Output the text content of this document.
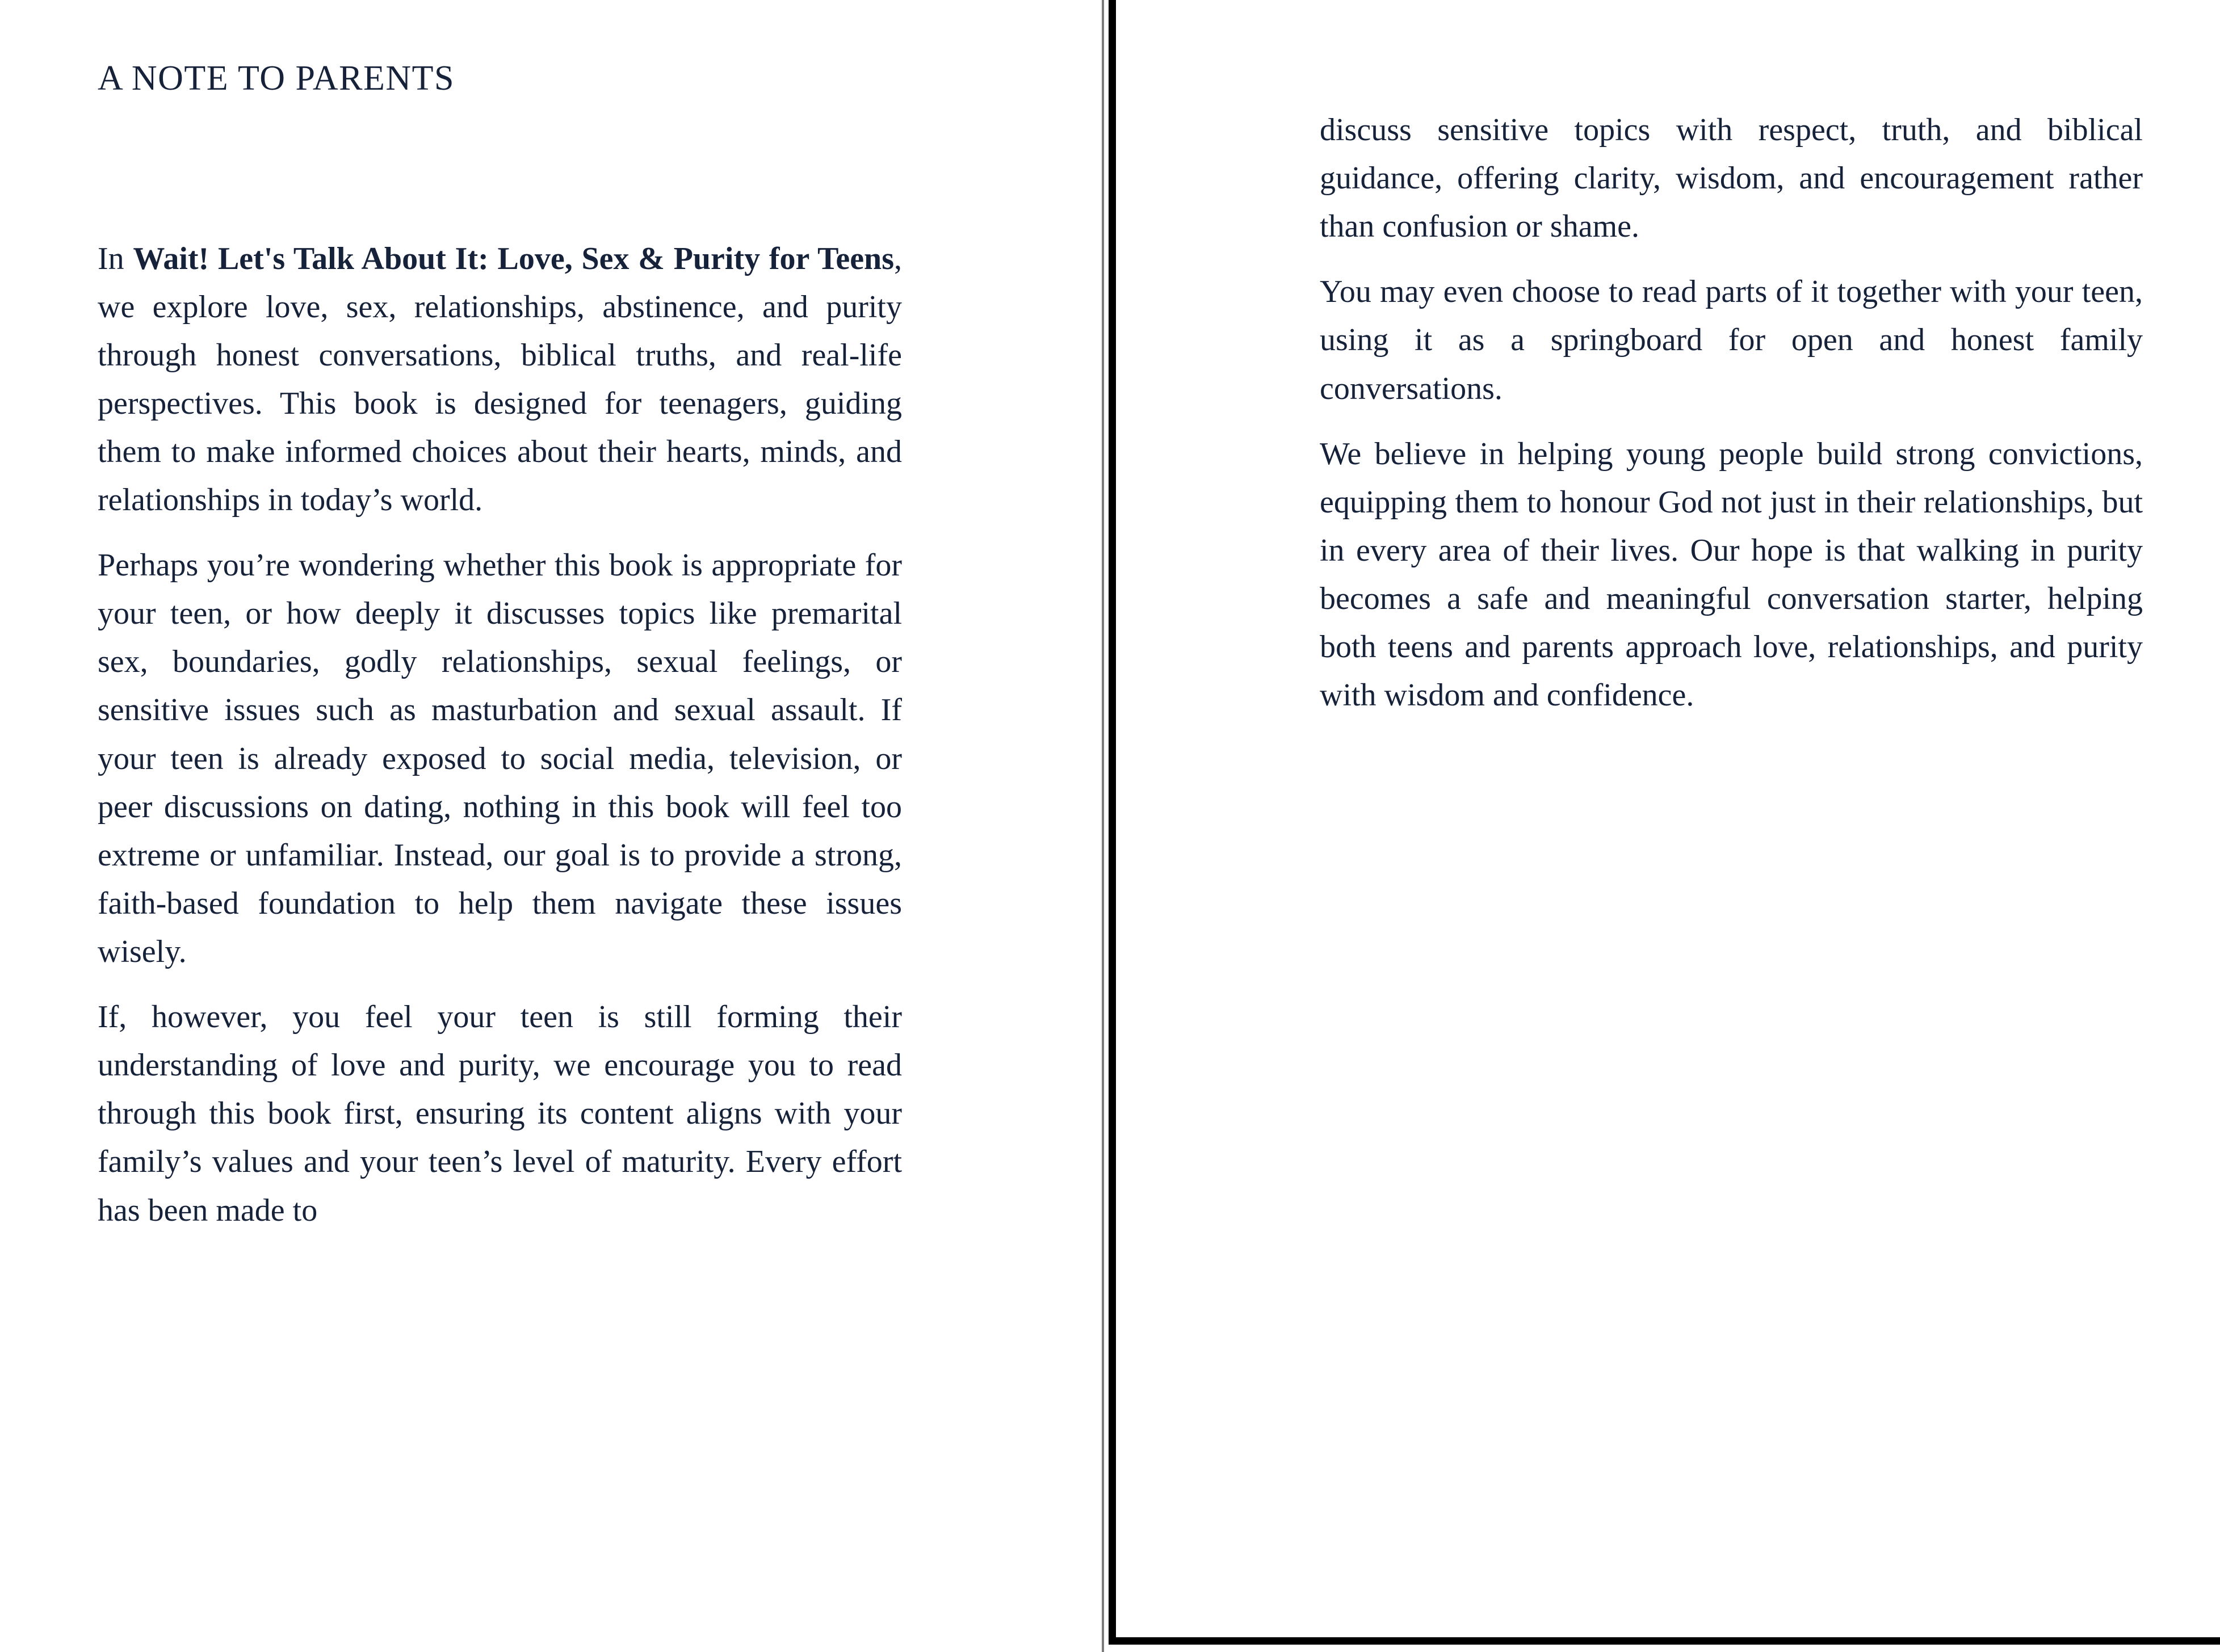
A NOTE TO PARENTS

In Wait! Let's Talk About It: Love, Sex & Purity for Teens, we explore love, sex, relationships, abstinence, and purity through honest conversations, biblical truths, and real-life perspectives. This book is designed for teenagers, guiding them to make informed choices about their hearts, minds, and relationships in today’s world.

Perhaps you’re wondering whether this book is appropriate for your teen, or how deeply it discusses topics like premarital sex, boundaries, godly relationships, sexual feelings, or sensitive issues such as masturbation and sexual assault. If your teen is already exposed to social media, television, or peer discussions on dating, nothing in this book will feel too extreme or unfamiliar. Instead, our goal is to provide a strong, faith-based foundation to help them navigate these issues wisely.

If, however, you feel your teen is still forming their understanding of love and purity, we encourage you to read through this book first, ensuring its content aligns with your family’s values and your teen’s level of maturity. Every effort has been made to

discuss sensitive topics with respect, truth, and biblical guidance, offering clarity, wisdom, and encouragement rather than confusion or shame.

You may even choose to read parts of it together with your teen, using it as a springboard for open and honest family conversations.

We believe in helping young people build strong convictions, equipping them to honour God not just in their relationships, but in every area of their lives. Our hope is that walking in purity becomes a safe and meaningful conversation starter, helping both teens and parents approach love, relationships, and purity with wisdom and confidence.
